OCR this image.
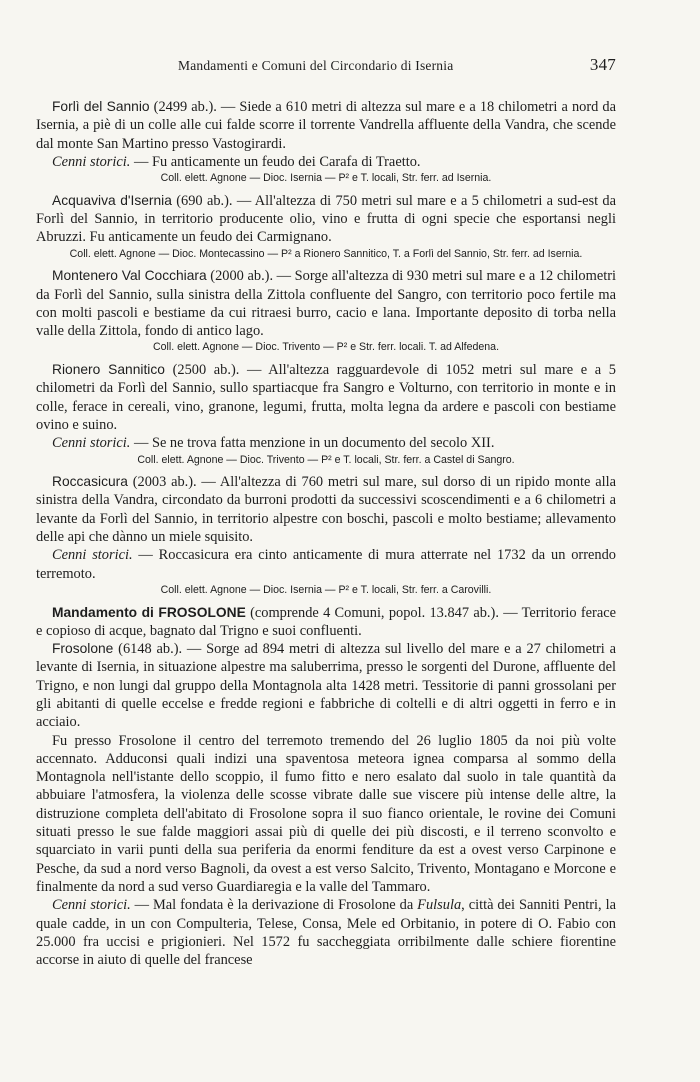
Mandamenti e Comuni del Circondario di Isernia	347

Forlì del Sannio (2499 ab.). — Siede a 610 metri di altezza sul mare e a 18 chilometri a nord da Isernia, a piè di un colle alle cui falde scorre il torrente Vandrella affluente della Vandra, che scende dal monte San Martino presso Vastogirardi.

Cenni storici. — Fu anticamente un feudo dei Carafa di Traetto.

Coll. elett. Agnone — Dioc. Isernia — P² e T. locali, Str. ferr. ad Isernia.

Acquaviva d'Isernia (690 ab.). — All'altezza di 750 metri sul mare e a 5 chilometri a sud-est da Forlì del Sannio, in territorio producente olio, vino e frutta di ogni specie che esportansi negli Abruzzi. Fu anticamente un feudo dei Carmignano.

Coll. elett. Agnone — Dioc. Montecassino — P² a Rionero Sannitico, T. a Forlì del Sannio, Str. ferr. ad Isernia.

Montenero Val Cocchiara (2000 ab.). — Sorge all'altezza di 930 metri sul mare e a 12 chilometri da Forlì del Sannio, sulla sinistra della Zittola confluente del Sangro, con territorio poco fertile ma con molti pascoli e bestiame da cui ritraesi burro, cacio e lana. Importante deposito di torba nella valle della Zittola, fondo di antico lago.

Coll. elett. Agnone — Dioc. Trivento — P² e Str. ferr. locali. T. ad Alfedena.

Rionero Sannitico (2500 ab.). — All'altezza ragguardevole di 1052 metri sul mare e a 5 chilometri da Forlì del Sannio, sullo spartiacque fra Sangro e Volturno, con territorio in monte e in colle, ferace in cereali, vino, granone, legumi, frutta, molta legna da ardere e pascoli con bestiame ovino e suino.

Cenni storici. — Se ne trova fatta menzione in un documento del secolo XII.

Coll. elett. Agnone — Dioc. Trivento — P² e T. locali, Str. ferr. a Castel di Sangro.

Roccasicura (2003 ab.). — All'altezza di 760 metri sul mare, sul dorso di un ripido monte alla sinistra della Vandra, circondato da burroni prodotti da successivi scoscendimenti e a 6 chilometri a levante da Forlì del Sannio, in territorio alpestre con boschi, pascoli e molto bestiame; allevamento delle api che dànno un miele squisito.

Cenni storici. — Roccasicura era cinto anticamente di mura atterrate nel 1732 da un orrendo terremoto.

Coll. elett. Agnone — Dioc. Isernia — P² e T. locali, Str. ferr. a Carovilli.

Mandamento di FROSOLONE (comprende 4 Comuni, popol. 13.847 ab.). — Territorio ferace e copioso di acque, bagnato dal Trigno e suoi confluenti.

Frosolone (6148 ab.). — Sorge ad 894 metri di altezza sul livello del mare e a 27 chilometri a levante di Isernia, in situazione alpestre ma saluberrima, presso le sorgenti del Durone, affluente del Trigno, e non lungi dal gruppo della Montagnola alta 1428 metri. Tessitorie di panni grossolani per gli abitanti di quelle eccelse e fredde regioni e fabbriche di coltelli e di altri oggetti in ferro e in acciaio.

Fu presso Frosolone il centro del terremoto tremendo del 26 luglio 1805 da noi più volte accennato. Adduconsi quali indizi una spaventosa meteora ignea comparsa al sommo della Montagnola nell'istante dello scoppio, il fumo fitto e nero esalato dal suolo in tale quantità da abbuiare l'atmosfera, la violenza delle scosse vibrate dalle sue viscere più intense delle altre, la distruzione completa dell'abitato di Frosolone sopra il suo fianco orientale, le rovine dei Comuni situati presso le sue falde maggiori assai più di quelle dei più discosti, e il terreno sconvolto e squarciato in varii punti della sua periferia da enormi fenditure da est a ovest verso Carpinone e Pesche, da sud a nord verso Bagnoli, da ovest a est verso Salcito, Trivento, Montagano e Morcone e finalmente da nord a sud verso Guardiaregia e la valle del Tammaro.

Cenni storici. — Mal fondata è la derivazione di Frosolone da Fulsula, città dei Sanniti Pentri, la quale cadde, in un con Compulteria, Telese, Consa, Mele ed Orbitanio, in potere di O. Fabio con 25.000 fra uccisi e prigionieri. Nel 1572 fu saccheggiata orribilmente dalle schiere fiorentine accorse in aiuto di quelle del francese
